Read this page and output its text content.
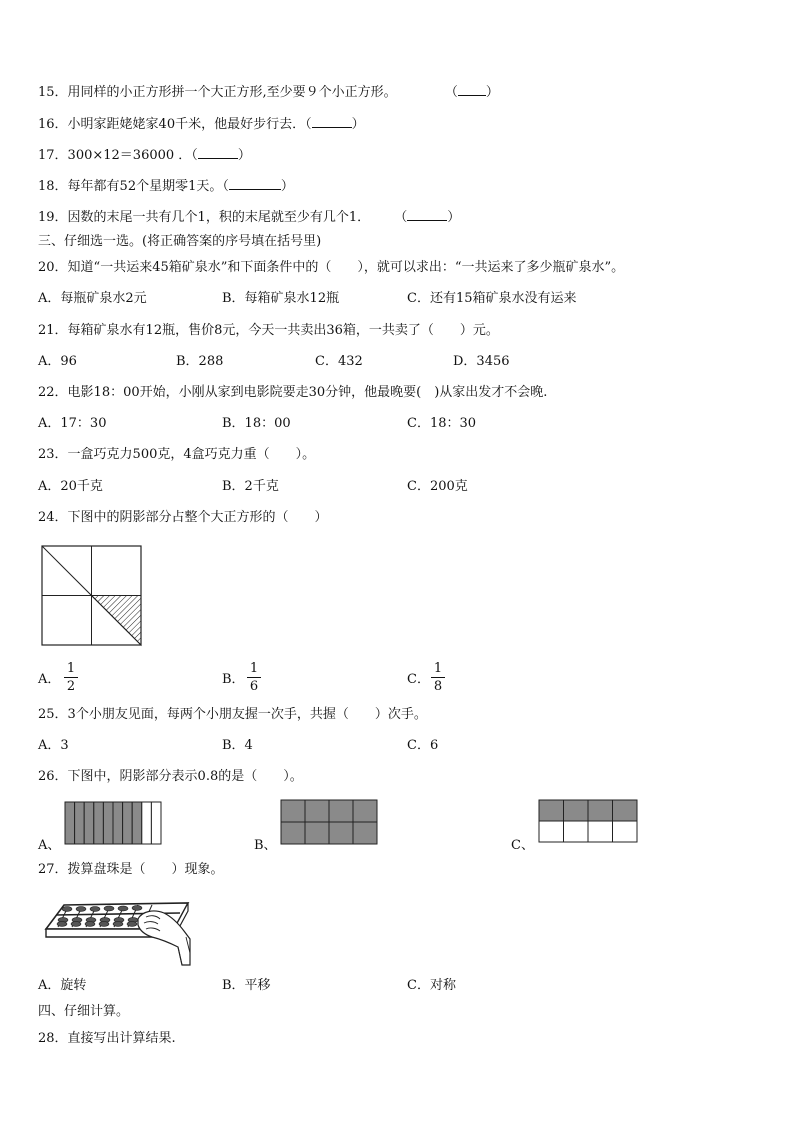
15．用同样的小正方形拼一个大正方形,至少要９个小正方形。	（ ）
16．小明家距姥姥家40千米，他最好步行去．（	）
17．300×12＝36000 ．（	）
18．每年都有52个星期零1天。（	）
19．因数的末尾一共有几个1，积的末尾就至少有几个1． （	）
三、仔细选一选。(将正确答案的序号填在括号里)
20．知道“一共运来45箱矿泉水”和下面条件中的（　　），就可以求出：“一共运来了多少瓶矿泉水”。
A．每瓶矿泉水2元	B．每箱矿泉水12瓶	C．还有15箱矿泉水没有运来
21．每箱矿泉水有12瓶，售价8元，今天一共卖出36箱，一共卖了（　　）元。
A．96	B．288	C．432	D．3456
22．电影18：00开始，小刚从家到电影院要走30分钟，他最晚要(　)从家出发才不会晚.
A．17：30	B．18：00	C．18：30
23．一盒巧克力500克，4盒巧克力重（　　）。
A．20千克	B．2千克	C．200克
24．下图中的阴影部分占整个大正方形的（　　）
A．
1
2	B．
1
6	C．
1
8
25．3个小朋友见面，每两个小朋友握一次手，共握（　　）次手。
A．3	B．4	C．6
26．下图中，阴影部分表示0.8的是（　　）。
A、	B、	C、
27．拨算盘珠是（　　）现象。
A．旋转	B．平移	C．对称
四、仔细计算。
28．直接写出计算结果.
